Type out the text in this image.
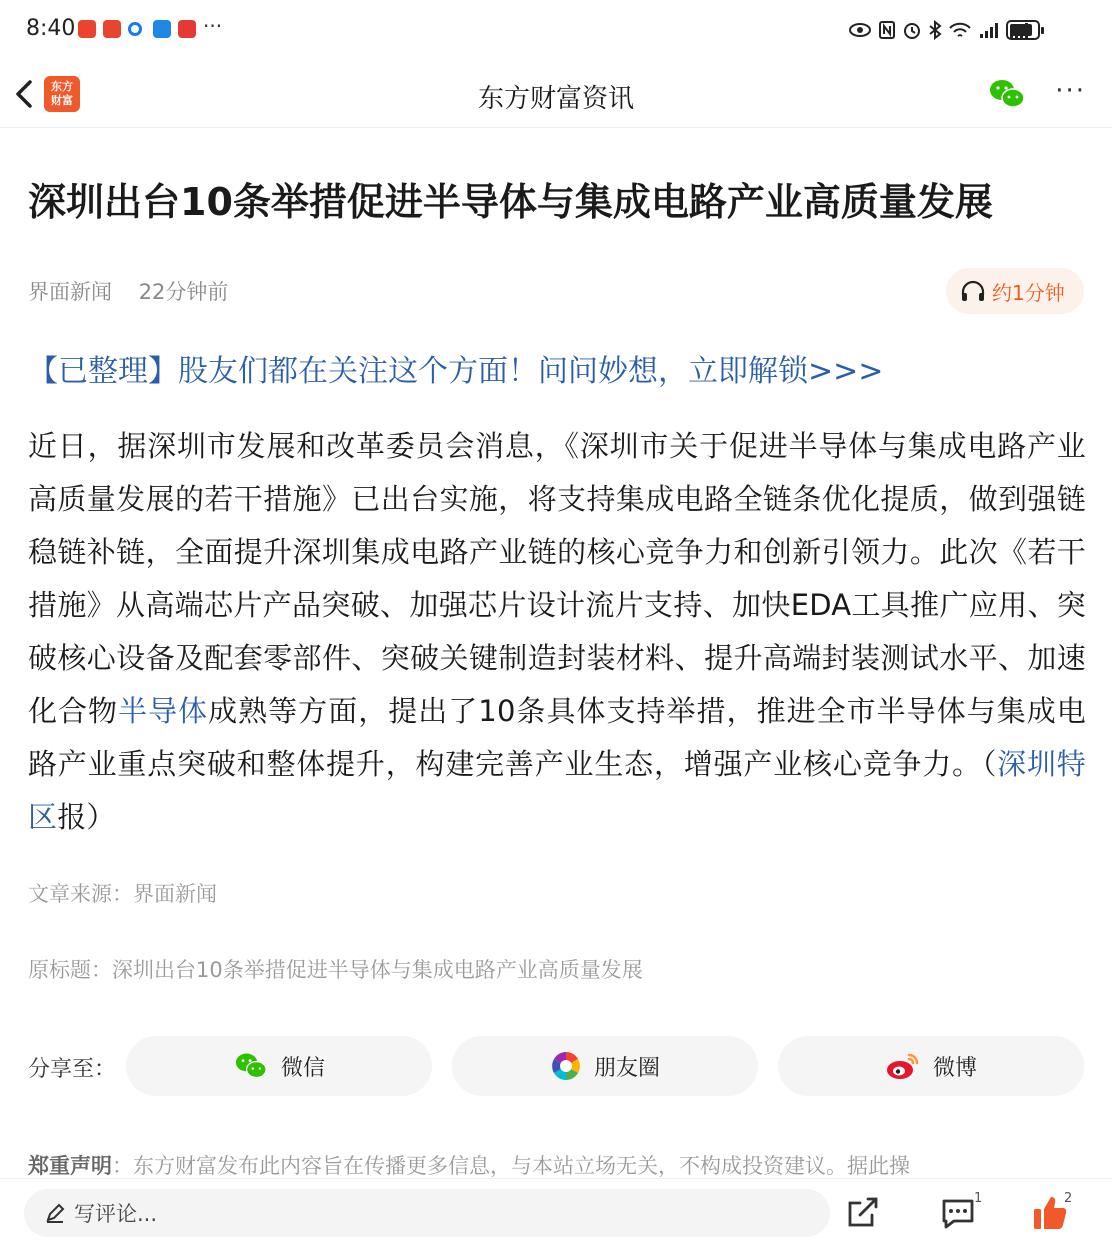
8:40	···
东方
财富	东方财富资讯	···
深圳出台10条举措促进半导体与集成电路产业高质量发展
界面新闻 22分钟前	约1分钟
【已整理】股友们都在关注这个方面！问问妙想，立即解锁>>>
近日，据深圳市发展和改革委员会消息，《深圳市关于促进半导体与集成电路产业高质量发展的若干措施》已出台实施，将支持集成电路全链条优化提质，做到强链稳链补链，全面提升深圳集成电路产业链的核心竞争力和创新引领力。此次《若干措施》从高端芯片产品突破、加强芯片设计流片支持、加快EDA工具推广应用、突破核心设备及配套零部件、突破关键制造封装材料、提升高端封装测试水平、加速化合物半导体成熟等方面，提出了10条具体支持举措，推进全市半导体与集成电路产业重点突破和整体提升，构建完善产业生态，增强产业核心竞争力。（深圳特区报）
文章来源：界面新闻
原标题：深圳出台10条举措促进半导体与集成电路产业高质量发展
分享至：	微信	朋友圈	微博
郑重声明：东方财富发布此内容旨在传播更多信息，与本站立场无关，不构成投资建议。据此操
写评论...
1	2
